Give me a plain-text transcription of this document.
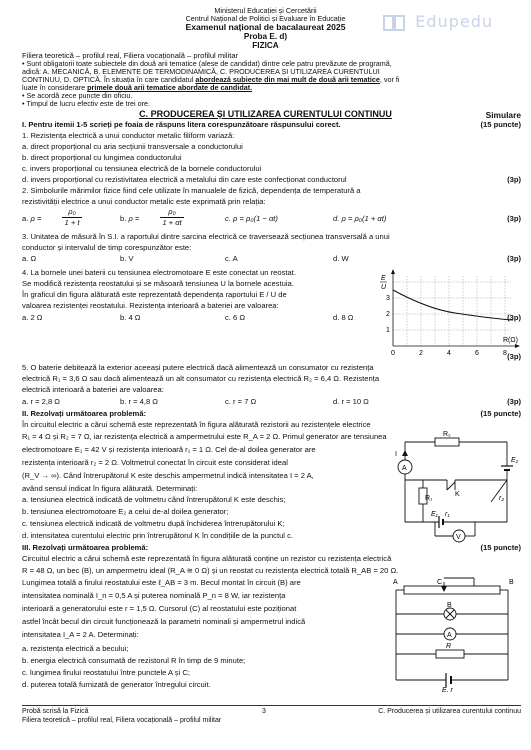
Edupedu
Ministerul Educației și Cercetării
Centrul Național de Politici și Evaluare în Educație
Examenul național de bacalaureat 2025
Proba E. d)
FIZICA
Filiera teoretică – profilul real, Filiera vocațională – profilul militar
• Sunt obligatorii toate subiectele din două arii tematice (alese de candidat) dintre cele patru prevăzute de programă,
adică: A. MECANICĂ, B. ELEMENTE DE TERMODINAMICĂ, C. PRODUCEREA ȘI UTILIZAREA CURENTULUI
CONTINUU, D. OPTICĂ. În situația în care candidatul abordează subiecte din mai mult de două arii tematice, vor fi
luate în considerare primele două arii tematice abordate de candidat.
• Se acordă zece puncte din oficiu.
• Timpul de lucru efectiv este de trei ore.
C. PRODUCEREA ŞI UTILIZAREA CURENTULUI CONTINUU	Simulare
I. Pentru itemii 1-5 scrieți pe foaia de răspuns litera corespunzătoare răspunsului corect.	(15 puncte)
1. Rezistența electrică a unui conductor metalic filiform variază:
a. direct proporțional cu aria secțiunii transversale a conductorului
b. direct proporțional cu lungimea conductorului
c. invers proporțional cu tensiunea electrică de la bornele conductorului
d. invers proporțional cu rezistivitatea electrică a metalului din care este confecționat conductorul	(3p)
2. Simbolurile mărimilor fizice fiind cele utilizate în manualele de fizică, dependența de temperatură a
rezistivității electrice a unui conductor metalic este exprimată prin relația:
a. ρ =	$\frac{\text{ρ₀}}{1 + t}$	b. ρ =	$\frac{\text{ρ₀}}{1 + \alpha t}$	c. ρ = ρ₀(1 − αt)	d. ρ = ρ₀(1 + αt)	(3p)
3. Unitatea de măsură în S.I. a raportului dintre sarcina electrică ce traversează secțiunea transversală a unui
conductor și intervalul de timp corespunzător este:
a. Ω	b. V	c. A	d. W	(3p)
4. La bornele unei baterii cu tensiunea electromotoare E este conectat un reostat.
Se modifică rezistența reostatului și se măsoară tensiunea U la bornele acestuia.
În graficul din figura alăturată este reprezentată dependența raportului E / U de
valoarea rezistenței reostatului. Rezistența interioară a bateriei are valoarea:
a. 2 Ω	b. 4 Ω	c. 6 Ω	d. 8 Ω	(3p)
E
U
3
2
1
0	2	4	6	8
R(Ω)
(3p)
5. O baterie debitează la exterior aceeași putere electrică dacă alimentează un consumator cu rezistența
electrică R₁ = 3,6 Ω sau dacă alimentează un alt consumator cu rezistența electrică R₂ = 6,4 Ω. Rezistența
electrică interioară a bateriei are valoarea:
a. r = 2,8 Ω	b. r = 4,8 Ω	c. r = 7 Ω	d. r = 10 Ω	(3p)
II. Rezolvați următoarea problemă:	(15 puncte)
În circuitul electric a cărui schemă este reprezentată în figura alăturată rezistorii au rezistențele electrice
R₁ = 4 Ω și R₂ = 7 Ω, iar rezistența electrică a ampermetrului este R_A = 2 Ω. Primul generator are tensiunea
electromotoare E₁ = 42 V și rezistența interioară r₁ = 1 Ω. Cel de-al doilea generator are
rezistența interioară r₂ = 2 Ω. Voltmetrul conectat în circuit este considerat ideal
(R_V → ∞). Când întrerupătorul K este deschis ampermetrul indică intensitatea I = 2 A,
având sensul indicat în figura alăturată. Determinați:
a. tensiunea electrică indicată de voltmetru când întrerupătorul K este deschis;
b. tensiunea electromotoare E₂ a celui de-al doilea generator;
c. tensiunea electrică indicată de voltmetru după închiderea întrerupătorului K;
d. intensitatea curentului electric prin întrerupătorul K în condițiile de la punctul c.
R₂
A
I
E₂
K
R₁	r₂
E₁ r₁
V
III. Rezolvați următoarea problemă:	(15 puncte)
Circuitul electric a cărui schemă este reprezentată în figura alăturată conține un rezistor cu rezistența electrică
R = 48 Ω, un bec (B), un ampermetru ideal (R_A ≅ 0 Ω) și un reostat cu rezistența electrică totală R_AB = 20 Ω.
Lungimea totală a firului reostatului este ℓ_AB = 3 m. Becul montat în circuit (B) are
intensitatea nominală I_n = 0,5 A și puterea nominală P_n = 8 W, iar rezistența
interioară a generatorului este r = 1,5 Ω. Cursorul (C) al reostatului este poziționat
astfel încât becul din circuit funcționează la parametri nominali și ampermetrul indică
intensitatea I_A = 2 A. Determinați:
a. rezistența electrică a becului;
b. energia electrică consumată de rezistorul R în timp de 9 minute;
c. lungimea firului reostatului între punctele A și C;
d. puterea totală furnizată de generator întregului circuit.
A	C	B
B
A
R
E, r
Probă scrisă la Fizică	3	C. Producerea și utilizarea curentului continuu
Filiera teoretică – profilul real, Filiera vocațională – profilul militar
